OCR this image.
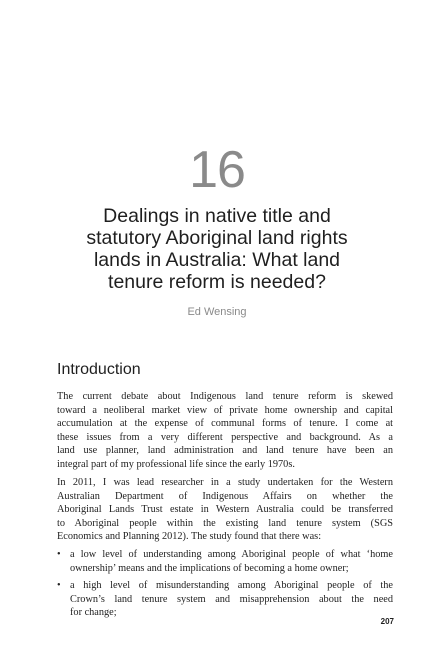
16
Dealings in native title and
statutory Aboriginal land rights
lands in Australia: What land
tenure reform is needed?
Ed Wensing
Introduction
The current debate about Indigenous land tenure reform is skewed
toward a neoliberal market view of private home ownership and capital
accumulation at the expense of communal forms of tenure. I come at
these issues from a very different perspective and background. As a
land use planner, land administration and land tenure have been an
integral part of my professional life since the early 1970s.
In 2011, I was lead researcher in a study undertaken for the Western
Australian Department of Indigenous Affairs on whether the
Aboriginal Lands Trust estate in Western Australia could be transferred
to Aboriginal people within the existing land tenure system (SGS
Economics and Planning 2012). The study found that there was:
• a low level of understanding among Aboriginal people of what ‘home
ownership’ means and the implications of becoming a home owner;
• a high level of misunderstanding among Aboriginal people of the
Crown’s land tenure system and misapprehension about the need
for change;
207
